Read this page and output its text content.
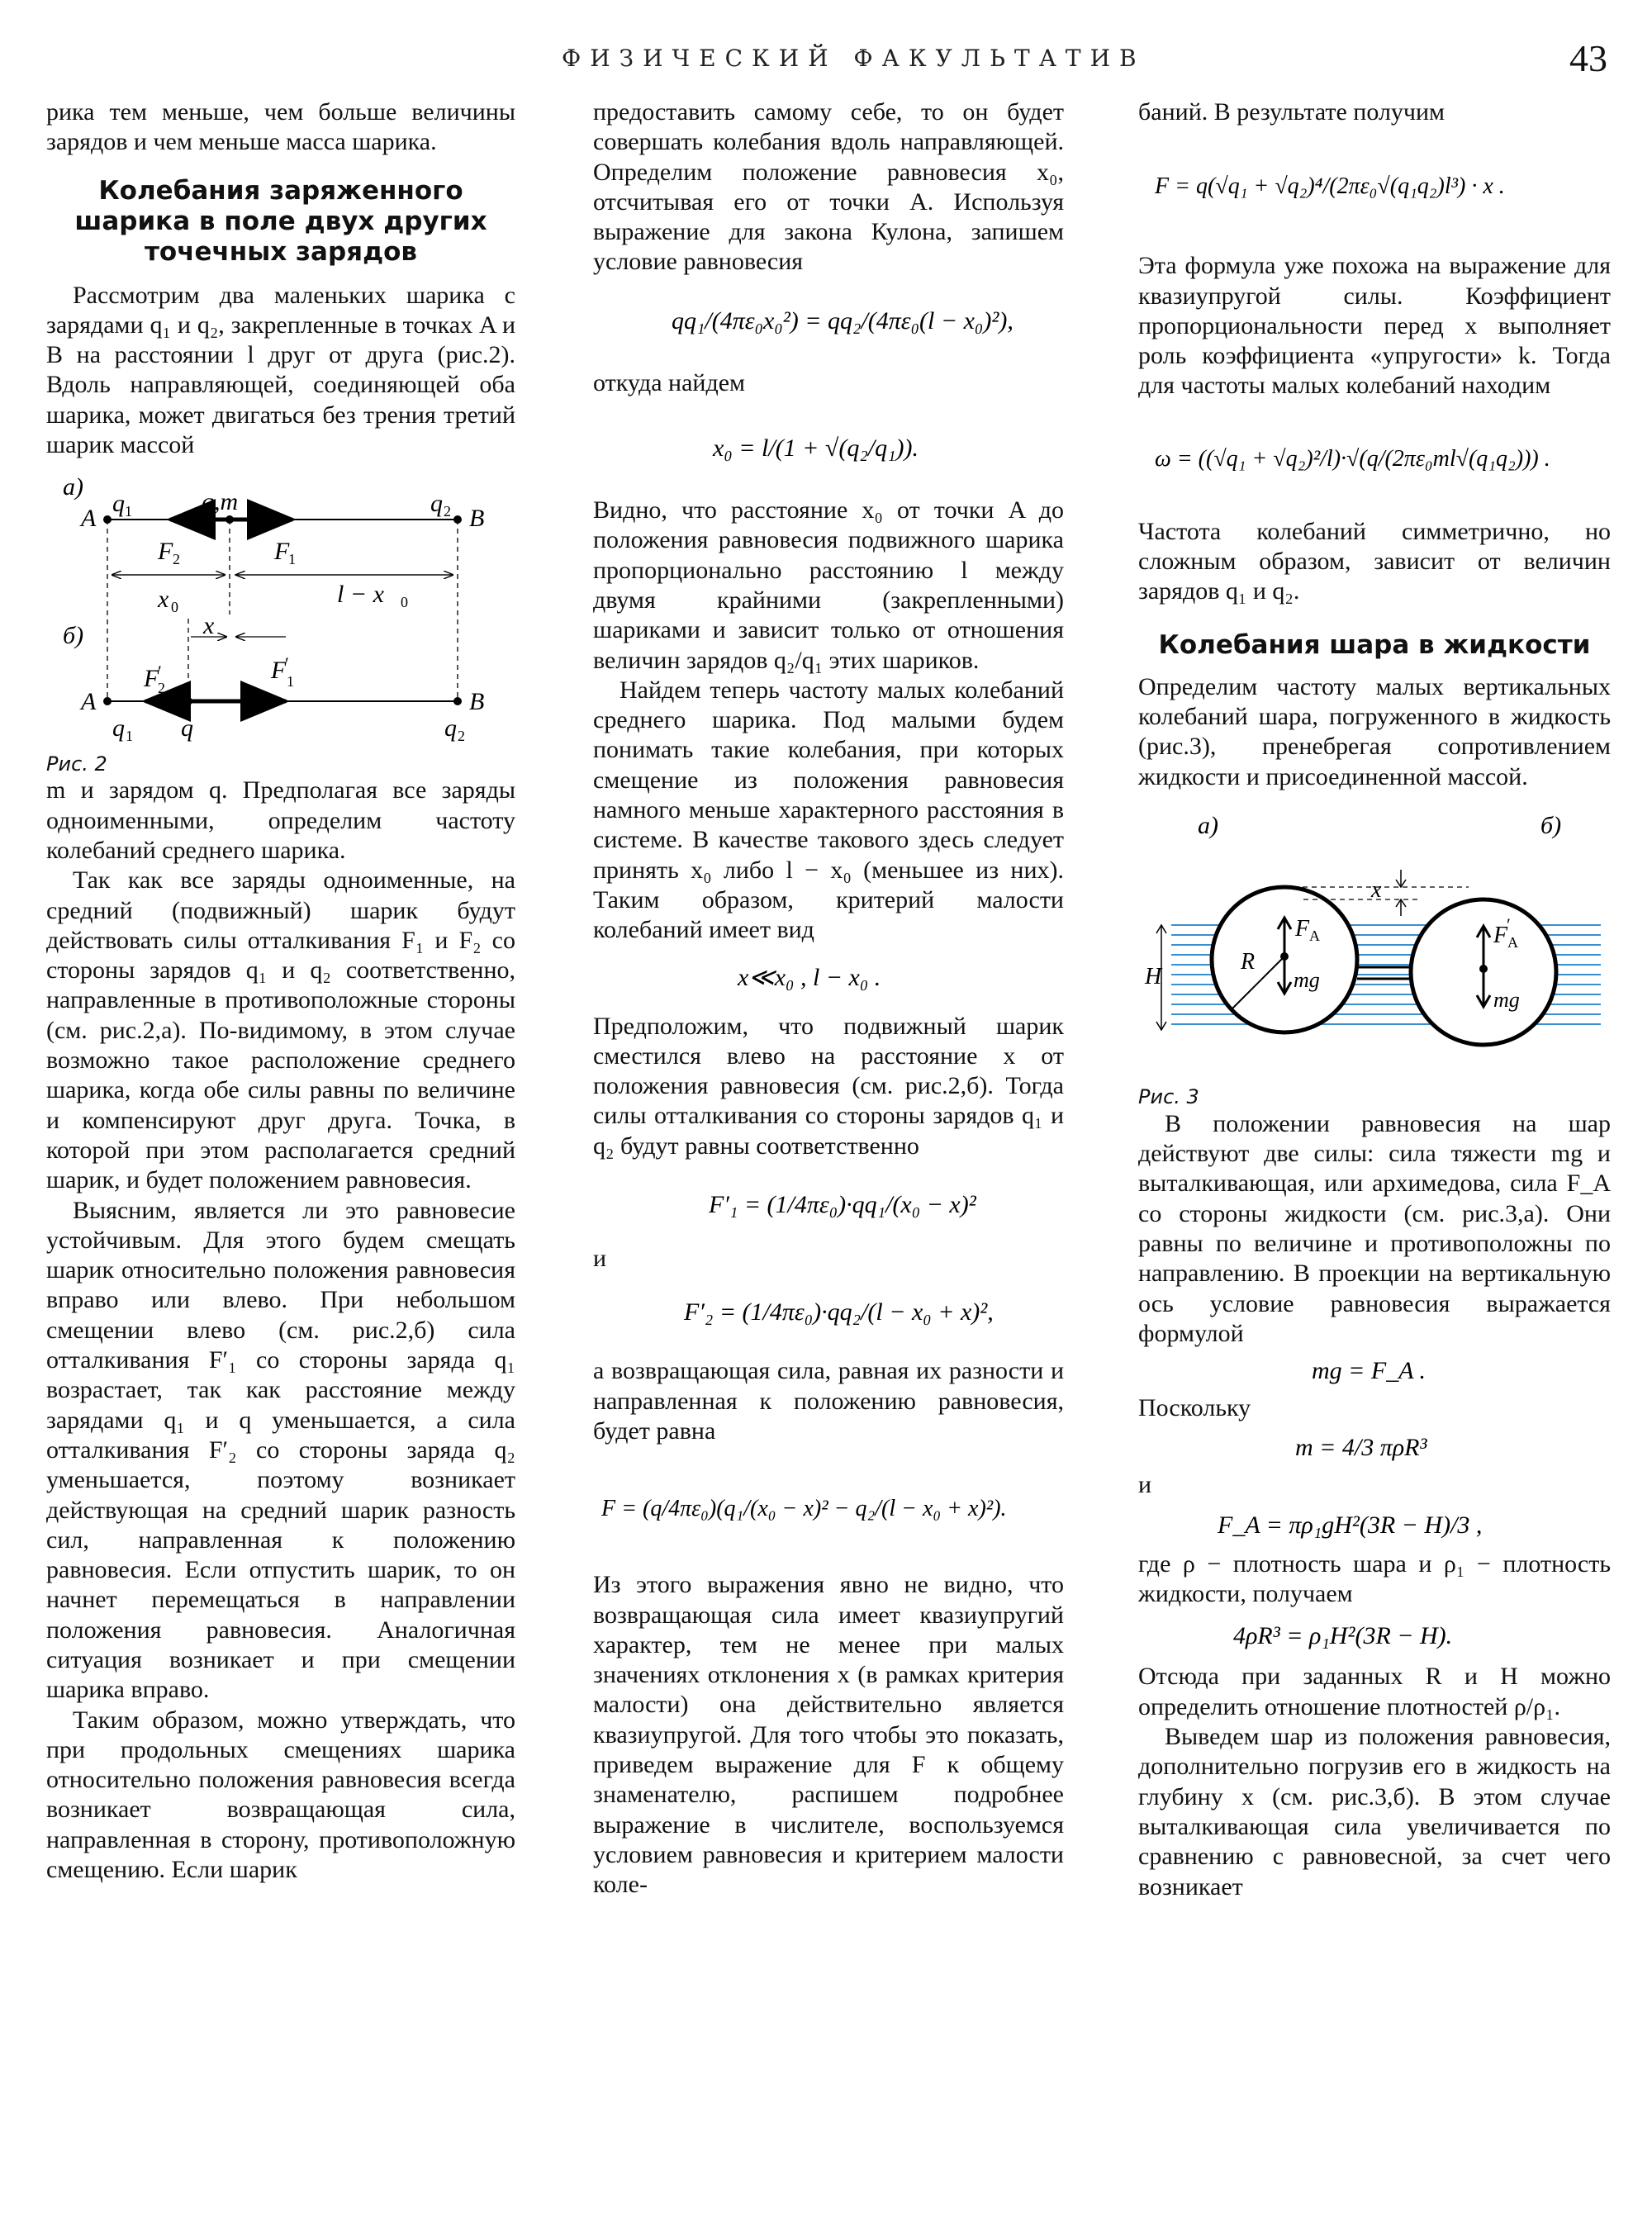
ФИЗИЧЕСКИЙ ФАКУЛЬТАТИВ	43

рика тем меньше, чем больше величины зарядов и чем меньше масса шарика.

Колебания заряженного шарика в поле двух других точечных зарядов

Рассмотрим два маленьких шарика с зарядами q₁ и q₂, закрепленные в точках A и B на расстоянии l друг от друга (рис.2). Вдоль направляющей, соединяющей оба шарика, может двигаться без трения третий шарик массой

а)
A
q 1	q,m	q 2 B
F 2	F
1
x 0	l − x 0
б)	x
F
′
2
F
′
1
A	B
q 1 q	q 2

Рис. 2

m и зарядом q. Предполагая все заряды одноименными, определим частоту колебаний среднего шарика.

Так как все заряды одноименные, на средний (подвижный) шарик будут действовать силы отталкивания F₁ и F₂ со стороны зарядов q₁ и q₂ соответственно, направленные в противоположные стороны (см. рис.2,а). По-видимому, в этом случае возможно такое расположение среднего шарика, когда обе силы равны по величине и компенсируют друг друга. Точка, в которой при этом располагается средний шарик, и будет положением равновесия.

Выясним, является ли это равновесие устойчивым. Для этого будем смещать шарик относительно положения равновесия вправо или влево. При небольшом смещении влево (см. рис.2,б) сила отталкивания F′₁ со стороны заряда q₁ возрастает, так как расстояние между зарядами q₁ и q уменьшается, а сила отталкивания F′₂ со стороны заряда q₂ уменьшается, поэтому возникает действующая на средний шарик разность сил, направленная к положению равновесия. Если отпустить шарик, то он начнет перемещаться в направлении положения равновесия. Аналогичная ситуация возникает и при смещении шарика вправо.

Таким образом, можно утверждать, что при продольных смещениях шарика относительно положения равновесия всегда возникает возвращающая сила, направленная в сторону, противоположную смещению. Если шарик

предоставить самому себе, то он будет совершать колебания вдоль направляющей. Определим положение равновесия x₀, отсчитывая его от точки A. Используя выражение для закона Кулона, запишем условие равновесия

qq₁/(4πε₀x₀²) = qq₂/(4πε₀(l − x₀)²),

откуда найдем

x₀ = l/(1 + √(q₂/q₁)).

Видно, что расстояние x₀ от точки A до положения равновесия подвижного шарика пропорционально расстоянию l между двумя крайними (закрепленными) шариками и зависит только от отношения величин зарядов q₂/q₁ этих шариков.

Найдем теперь частоту малых колебаний среднего шарика. Под малыми будем понимать такие колебания, при которых смещение из положения равновесия намного меньше характерного расстояния в системе. В качестве такового здесь следует принять x₀ либо l − x₀ (меньшее из них). Таким образом, критерий малости колебаний имеет вид

x≪x₀ , l − x₀ .

Предположим, что подвижный шарик сместился влево на расстояние x от положения равновесия (см. рис.2,б). Тогда силы отталкивания со стороны зарядов q₁ и q₂ будут равны соответственно

F′₁ = (1/4πε₀)·qq₁/(x₀ − x)²

и

F′₂ = (1/4πε₀)·qq₂/(l − x₀ + x)²,

а возвращающая сила, равная их разности и направленная к положению равновесия, будет равна

F = (q/4πε₀)(q₁/(x₀ − x)² − q₂/(l − x₀ + x)²).

Из этого выражения явно не видно, что возвращающая сила имеет квазиупругий характер, тем не менее при малых значениях отклонения x (в рамках критерия малости) она действительно является квазиупругой. Для того чтобы это показать, приведем выражение для F к общему знаменателю, распишем подробнее выражение в числителе, воспользуемся условием равновесия и критерием малости коле-

баний. В результате получим

F = q(√q₁ + √q₂)⁴/(2πε₀√(q₁q₂)l³) · x .

Эта формула уже похожа на выражение для квазиупругой силы. Коэффициент пропорциональности перед x выполняет роль коэффициента «упругости» k. Тогда для частоты малых колебаний находим

ω = ((√q₁ + √q₂)²/l)·√(q/(2πε₀ml√(q₁q₂))) .

Частота колебаний симметрично, но сложным образом, зависит от величин зарядов q₁ и q₂.

Колебания шара в жидкости

Определим частоту малых вертикальных колебаний шара, погруженного в жидкость (рис.3), пренебрегая сопротивлением жидкости и присоединенной массой.

а)	б)
x
H
F A
R
mg
F
′
A
mg

Рис. 3

В положении равновесия на шар действуют две силы: сила тяжести mg и выталкивающая, или архимедова, сила F_A со стороны жидкости (см. рис.3,а). Они равны по величине и противоположны по направлению. В проекции на вертикальную ось условие равновесия выражается формулой

mg = F_A .

Поскольку

m = 4/3 πρR³

и

F_A = πρ₁gH²(3R − H)/3 ,

где ρ − плотность шара и ρ₁ − плотность жидкости, получаем

4ρR³ = ρ₁H²(3R − H).

Отсюда при заданных R и H можно определить отношение плотностей ρ/ρ₁.

Выведем шар из положения равновесия, дополнительно погрузив его в жидкость на глубину x (см. рис.3,б). В этом случае выталкивающая сила увеличивается по сравнению с равновесной, за счет чего возникает
